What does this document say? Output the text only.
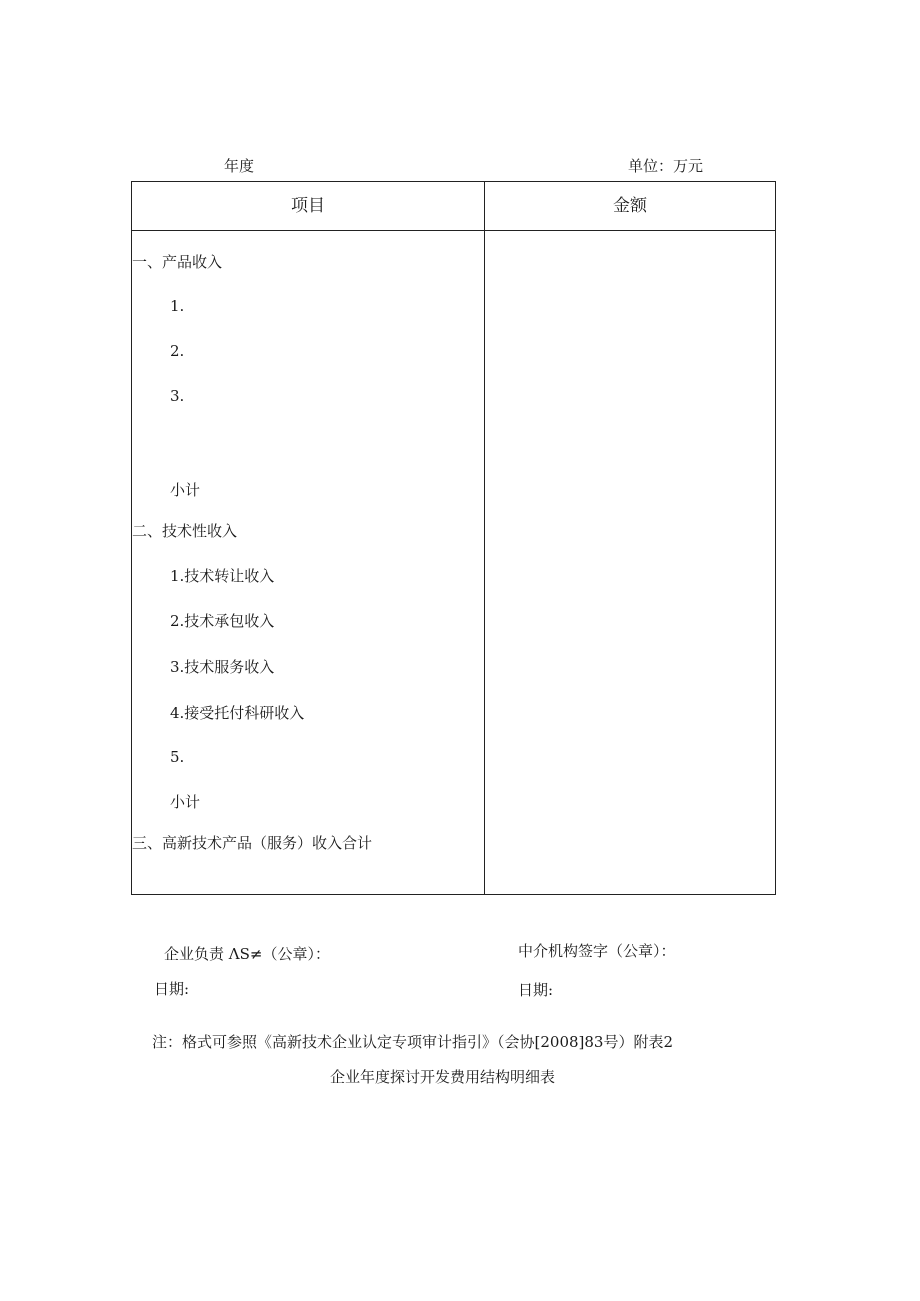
年度	单位：万元
项目	金额
一、产品收入
1.
2.
3.
小计
二、技术性收入
1.技术转让收入
2.技术承包收入
3.技术服务收入
4.接受托付科研收入
5.
小计
三、高新技术产品（服务）收入合计
企业负责 ΛS≠（公章）：	中介机构签字（公章）：
日期:	日期:
注：格式可参照《高新技术企业认定专项审计指引》（会协[2008]83号）附表2
企业年度探讨开发费用结构明细表
